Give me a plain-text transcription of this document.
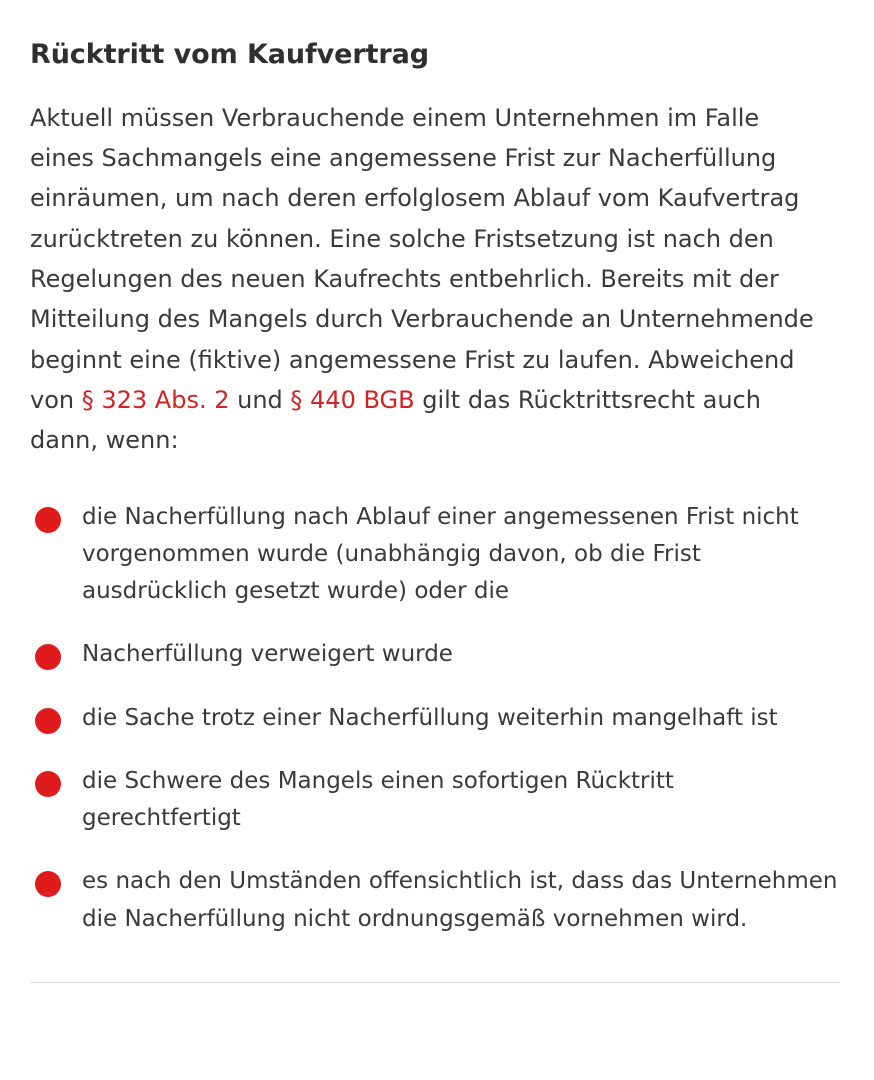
Rücktritt vom Kaufvertrag

Aktuell müssen Verbrauchende einem Unternehmen im Falle eines Sachmangels eine angemessene Frist zur Nacherfüllung einräumen, um nach deren erfolglosem Ablauf vom Kaufvertrag zurücktreten zu können. Eine solche Fristsetzung ist nach den Regelungen des neuen Kaufrechts entbehrlich. Bereits mit der Mitteilung des Mangels durch Verbrauchende an Unternehmende beginnt eine (fiktive) angemessene Frist zu laufen. Abweichend von § 323 Abs. 2 und § 440 BGB gilt das Rücktrittsrecht auch dann, wenn:

die Nacherfüllung nach Ablauf einer angemessenen Frist nicht vorgenommen wurde (unabhängig davon, ob die Frist ausdrücklich gesetzt wurde) oder die
Nacherfüllung verweigert wurde
die Sache trotz einer Nacherfüllung weiterhin mangelhaft ist
die Schwere des Mangels einen sofortigen Rücktritt gerechtfertigt
es nach den Umständen offensichtlich ist, dass das Unternehmen die Nacherfüllung nicht ordnungsgemäß vornehmen wird.
